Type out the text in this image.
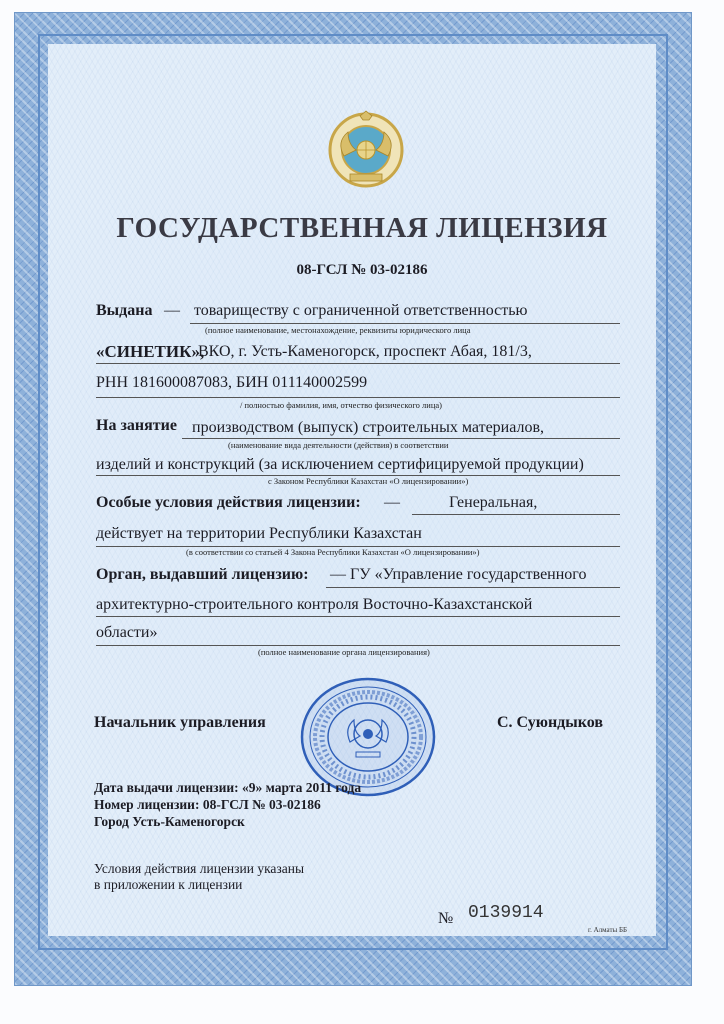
ГОСУДАРСТВЕННАЯ ЛИЦЕНЗИЯ
08-ГСЛ № 03-02186
Выдана — товариществу с ограниченной ответственностью
(полное наименование, местонахождение, реквизиты юридического лица
«СИНЕТИК»,
ВКО, г. Усть-Каменогорск, проспект Абая, 181/3,
РНН 181600087083, БИН 011140002599
/ полностью фамилия, имя, отчество физического лица)
На занятие производством (выпуск) строительных материалов,
(наименование вида деятельности (действия) в соответствии
изделий и конструкций (за исключением сертифицируемой продукции)
с Законом Республики Казахстан «О лицензировании»)
Особые условия действия лицензии: —	Генеральная,
действует на территории Республики Казахстан
(в соответствии со статьей 4 Закона Республики Казахстан «О лицензировании»)
Орган, выдавший лицензию: — ГУ «Управление государственного
архитектурно-строительного контроля Восточно-Казахстанской
области»
(полное наименование органа лицензирования)
Начальник управления	С. Суюндыков
Дата выдачи лицензии: «9» марта 2011 года
Номер лицензии: 08-ГСЛ № 03-02186
Город Усть-Каменогорск
Условия действия лицензии указаны
в приложении к лицензии
№ 0139914
г. Алматы ББ
